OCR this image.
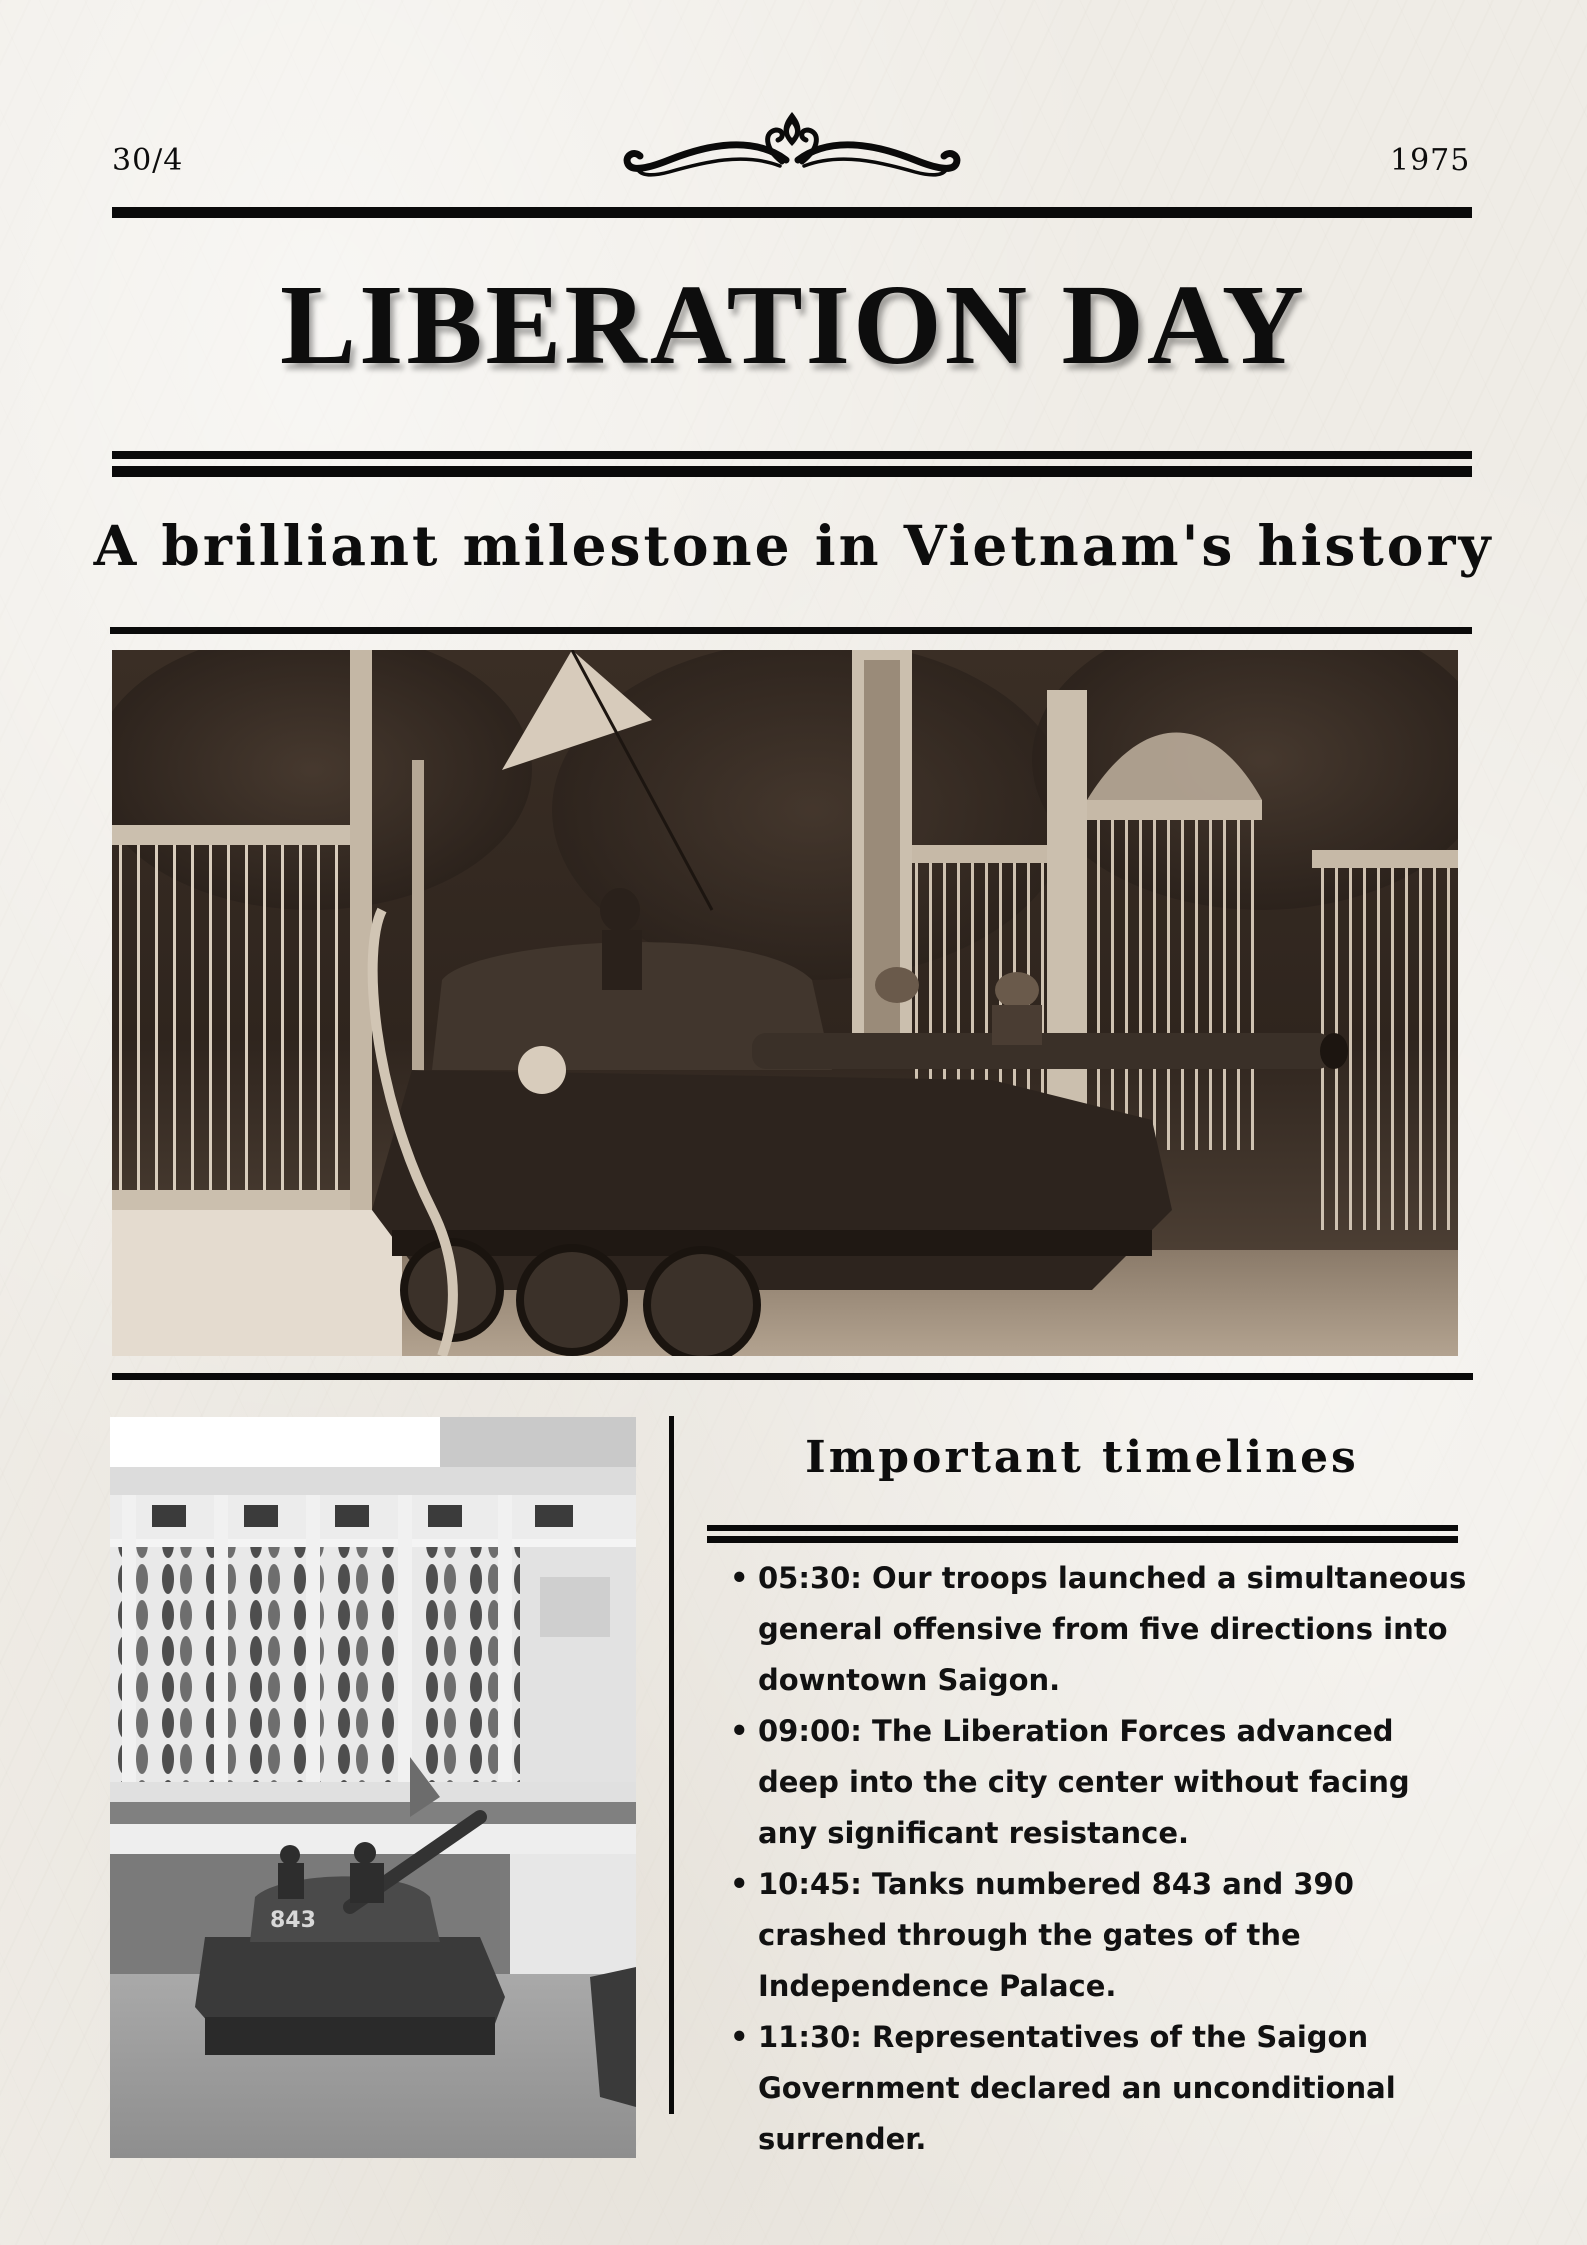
30/4	1975
LIBERATION DAY
A brilliant milestone in Vietnam's history
843
Important timelines
• 05:30: Our troops launched a simultaneous general offensive from five directions into downtown Saigon.
• 09:00: The Liberation Forces advanced deep into the city center without facing any significant resistance.
• 10:45: Tanks numbered 843 and 390 crashed through the gates of the Independence Palace.
• 11:30: Representatives of the Saigon Government declared an unconditional surrender.
